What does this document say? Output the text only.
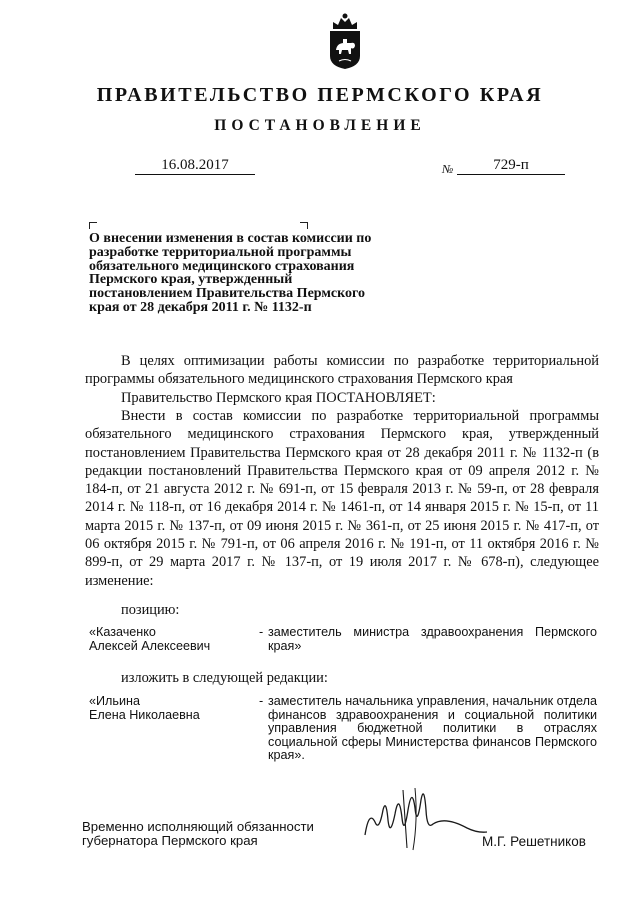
ПРАВИТЕЛЬСТВО ПЕРМСКОГО КРАЯ
ПОСТАНОВЛЕНИЕ
16.08.2017	№	729-п

О внесении изменения в состав комиссии по разработке территориальной программы обязательного медицинского страхования Пермского края, утвержденный постановлением Правительства Пермского края от 28 декабря 2011 г. № 1132-п

В целях оптимизации работы комиссии по разработке территориальной программы обязательного медицинского страхования Пермского края

Правительство Пермского края ПОСТАНОВЛЯЕТ:

Внести в состав комиссии по разработке территориальной программы обязательного медицинского страхования Пермского края, утвержденный постановлением Правительства Пермского края от 28 декабря 2011 г. № 1132-п (в редакции постановлений Правительства Пермского края от 09 апреля 2012 г. № 184-п, от 21 августа 2012 г. № 691-п, от 15 февраля 2013 г. № 59-п, от 28 февраля 2014 г. № 118-п, от 16 декабря 2014 г. № 1461-п, от 14 января 2015 г. № 15-п, от 11 марта 2015 г. № 137-п, от 09 июня 2015 г. № 361-п, от 25 июня 2015 г. № 417-п, от 06 октября 2015 г. № 791-п, от 06 апреля 2016 г. № 191-п, от 11 октября 2016 г. № 899-п, от 29 марта 2017 г. № 137-п, от 19 июля 2017 г. № 678-п), следующее изменение:

позицию:

«Казаченко
Алексей Алексеевич

- заместитель министра здравоохранения Пермского края»

изложить в следующей редакции:

«Ильина
Елена Николаевна

- заместитель начальника управления, начальник отдела финансов здравоохранения и социальной политики управления бюджетной политики в отраслях социальной сферы Министерства финансов Пермского края».

Временно исполняющий обязанности
губернатора Пермского края	М.Г. Решетников
